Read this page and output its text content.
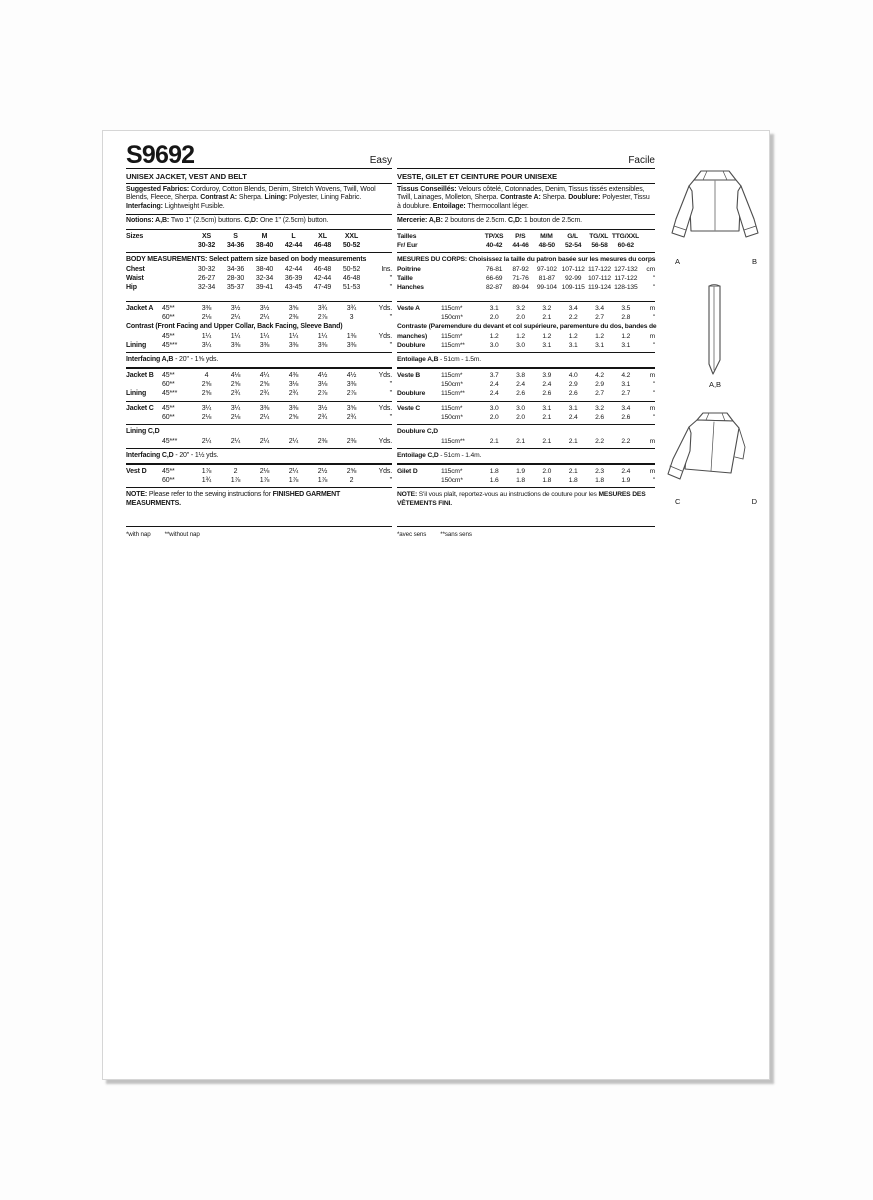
S9692	Easy
UNISEX JACKET, VEST AND BELT
Suggested Fabrics: Corduroy, Cotton Blends, Denim, Stretch Wovens, Twill, Wool Blends, Fleece, Sherpa. Contrast A: Sherpa. Lining: Polyester, Lining Fabric. Interfacing: Lightweight Fusible.
Notions: A,B: Two 1" (2.5cm) buttons. C,D: One 1" (2.5cm) button.
Sizes	XS	S	M	L	XL	XXL
30-32	34-36	38-40	42-44	46-48	50-52
BODY MEASUREMENTS: Select pattern size based on body measurements
Chest	30-32	34-36	38-40	42-44	46-48	50-52	Ins.
Waist	26-27	28-30	32-34	36-39	42-44	46-48	"
Hip	32-34	35-37	39-41	43-45	47-49	51-53	"
Jacket A	45**	3⅜	3½	3½	3⅝	3¾	3¾	Yds.
60**	2⅛	2¼	2¼	2⅜	2⅞	3	"
Contrast (Front Facing and Upper Collar, Back Facing, Sleeve Band)
45**	1¼	1¼	1¼	1¼	1¼	1⅜	Yds.
Lining	45***	3¼	3⅜	3⅜	3⅜	3⅜	3⅜	"
Interfacing A,B - 20" - 1⅝ yds.
Jacket B	45**	4	4⅛	4¼	4⅜	4½	4½	Yds.
60**	2⅝	2⅝	2⅝	3⅛	3⅛	3⅜	"
Lining	45***	2⅝	2¾	2¾	2¾	2⅞	2⅞	"
Jacket C	45**	3¼	3¼	3⅜	3⅜	3½	3⅝	Yds.
60**	2⅛	2⅛	2¼	2⅝	2¾	2¾	"
Lining C,D
45***	2¼	2¼	2¼	2¼	2⅜	2⅜	Yds.
Interfacing C,D - 20" - 1½ yds.
Vest D	45**	1⅞	2	2⅛	2¼	2½	2⅝	Yds.
60**	1¾	1⅞	1⅞	1⅞	1⅞	2	"
NOTE: Please refer to the sewing instructions for FINISHED GARMENT MEASURMENTS.
*with nap **without nap
Facile
VESTE, GILET ET CEINTURE POUR UNISEXE
Tissus Conseillés: Velours côtelé, Cotonnades, Denim, Tissus tissés extensibles, Twill, Lainages, Molleton, Sherpa. Contraste A: Sherpa. Doublure: Polyester, Tissu à doublure. Entoilage: Thermocollant léger.
Mercerie: A,B: 2 boutons de 2.5cm. C,D: 1 bouton de 2.5cm.
Tailles	TP/XS	P/S	M/M	G/L	TG/XL TTG/XXL
Fr/ Eur	40-42	44-46	48-50	52-54	56-58	60-62
MESURES DU CORPS: Choisissez la taille du patron basée sur les mesures du corps
Poitrine	76-81	87-92	97-102 107-112 117-122 127-132	cm
Taille	66-69	71-76	81-87	92-99 107-112 117-122	"
Hanches	82-87	89-94	99-104 109-115 119-124 128-135	"
Veste A	115cm*	3.1	3.2	3.2	3.4	3.4	3.5	m
150cm*	2.0	2.0	2.1	2.2	2.7	2.8	"
Contraste (Paremendure du devant et col supérieure, parementure du dos, bandes de
manches)	115cm*	1.2	1.2	1.2	1.2	1.2	1.2	m
Doublure	115cm**	3.0	3.0	3.1	3.1	3.1	3.1	"
Entoilage A,B - 51cm - 1.5m.
Veste B	115cm*	3.7	3.8	3.9	4.0	4.2	4.2	m
150cm*	2.4	2.4	2.4	2.9	2.9	3.1	"
Doublure	115cm**	2.4	2.6	2.6	2.6	2.7	2.7	"
Veste C	115cm*	3.0	3.0	3.1	3.1	3.2	3.4	m
150cm*	2.0	2.0	2.1	2.4	2.6	2.6	"
Doublure C,D
115cm**	2.1	2.1	2.1	2.1	2.2	2.2	m
Entoilage C,D - 51cm - 1.4m.
Gilet D	115cm*	1.8	1.9	2.0	2.1	2.3	2.4	m
150cm*	1.6	1.8	1.8	1.8	1.8	1.9	"
NOTE: S'il vous plaît, reportez-vous au instructions de couture pour les MESURES DES VÊTEMENTS FINI.
*avec sens **sans sens
A	B
A,B
C	D
